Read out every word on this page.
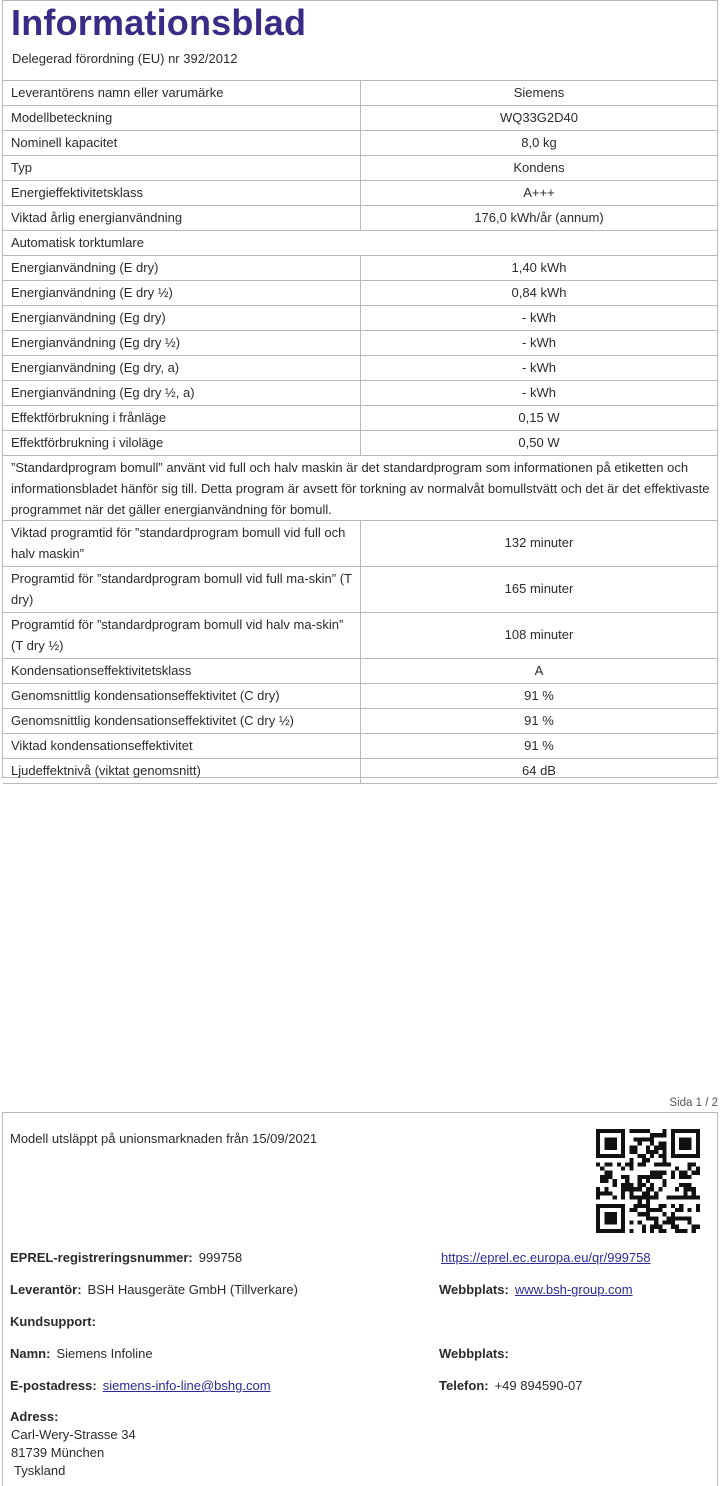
Informationsblad
Delegerad förordning (EU) nr 392/2012
Leverantörens namn eller varumärke	Siemens
Modellbeteckning	WQ33G2D40
Nominell kapacitet	8,0 kg
Typ	Kondens
Energieffektivitetsklass	A+++
Viktad årlig energianvändning	176,0 kWh/år (annum)
Automatisk torktumlare	
Energianvändning (E dry)	1,40 kWh
Energianvändning (E dry ½)	0,84 kWh
Energianvändning (Eg dry)	- kWh
Energianvändning (Eg dry ½)	- kWh
Energianvändning (Eg dry, a)	- kWh
Energianvändning (Eg dry ½, a)	- kWh
Effektförbrukning i frånläge	0,15 W
Effektförbrukning i viloläge	0,50 W
”Standardprogram bomull” använt vid full och halv maskin är det standardprogram som informationen på etiketten och informationsbladet hänför sig till. Detta program är avsett för torkning av normalvåt bomullstvätt och det är det effektivaste programmet när det gäller energianvändning för bomull.	
Viktad programtid för ”standardprogram bomull vid full och halv maskin”	132 minuter
Programtid för ”standardprogram bomull vid full ma-skin” (T dry)	165 minuter
Programtid för ”standardprogram bomull vid halv ma-skin” (T dry ½)	108 minuter
Kondensationseffektivitetsklass	A
Genomsnittlig kondensationseffektivitet (C dry)	91 %
Genomsnittlig kondensationseffektivitet (C dry ½)	91 %
Viktad kondensationseffektivitet	91 %
Ljudeffektnivå (viktat genomsnitt)	64 dB
Sida 1 / 2
Modell utsläppt på unionsmarknaden från 15/09/2021
EPREL-registreringsnummer: 999758	https://eprel.ec.europa.eu/qr/999758
Leverantör: BSH Hausgeräte GmbH (Tillverkare)	Webbplats: www.bsh-group.com
Kundsupport:
Namn: Siemens Infoline	Webbplats:
E-postadress: siemens-info-line@bshg.com	Telefon: +49 894590-07
Adress:
Carl-Wery-Strasse 34
81739 München
Tyskland
